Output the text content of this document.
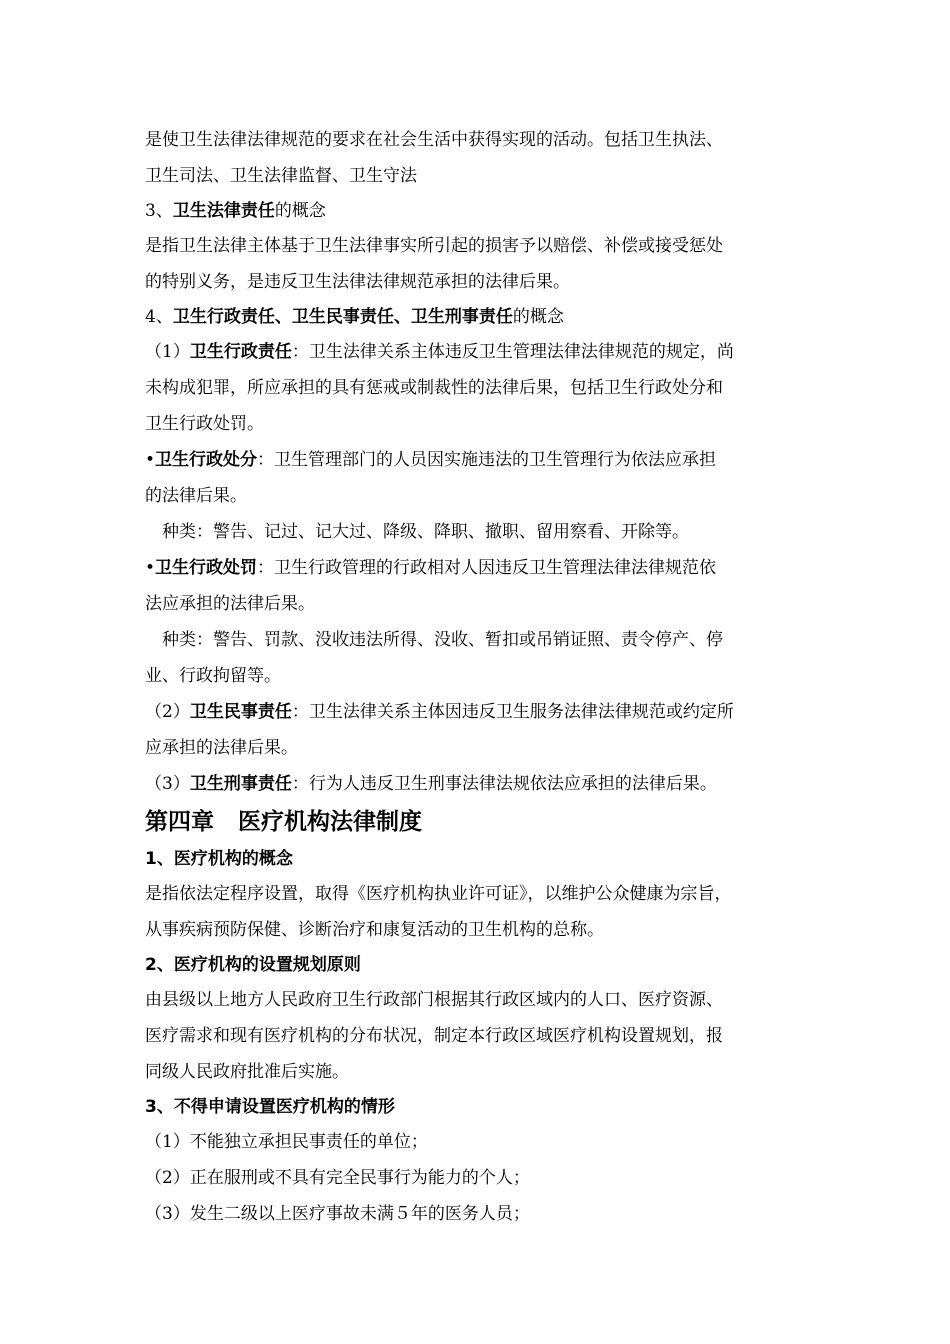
是使卫生法律法律规范的要求在社会生活中获得实现的活动。包括卫生执法、
卫生司法、卫生法律监督、卫生守法
3、卫生法律责任的概念
是指卫生法律主体基于卫生法律事实所引起的损害予以赔偿、补偿或接受惩处
的特别义务，是违反卫生法律法律规范承担的法律后果。
4、卫生行政责任、卫生民事责任、卫生刑事责任的概念
（1）卫生行政责任：卫生法律关系主体违反卫生管理法律法律规范的规定，尚
未构成犯罪，所应承担的具有惩戒或制裁性的法律后果，包括卫生行政处分和
卫生行政处罚。
•卫生行政处分：卫生管理部门的人员因实施违法的卫生管理行为依法应承担
的法律后果。
种类：警告、记过、记大过、降级、降职、撤职、留用察看、开除等。
•卫生行政处罚：卫生行政管理的行政相对人因违反卫生管理法律法律规范依
法应承担的法律后果。
种类：警告、罚款、没收违法所得、没收、暂扣或吊销证照、责令停产、停
业、行政拘留等。
（2）卫生民事责任：卫生法律关系主体因违反卫生服务法律法律规范或约定所
应承担的法律后果。
（3）卫生刑事责任：行为人违反卫生刑事法律法规依法应承担的法律后果。
第四章 医疗机构法律制度
1、医疗机构的概念
是指依法定程序设置，取得《医疗机构执业许可证》，以维护公众健康为宗旨，
从事疾病预防保健、诊断治疗和康复活动的卫生机构的总称。
2、医疗机构的设置规划原则
由县级以上地方人民政府卫生行政部门根据其行政区域内的人口、医疗资源、
医疗需求和现有医疗机构的分布状况，制定本行政区域医疗机构设置规划，报
同级人民政府批准后实施。
3、不得申请设置医疗机构的情形
（1）不能独立承担民事责任的单位；
（2）正在服刑或不具有完全民事行为能力的个人；
（3）发生二级以上医疗事故未满５年的医务人员；
